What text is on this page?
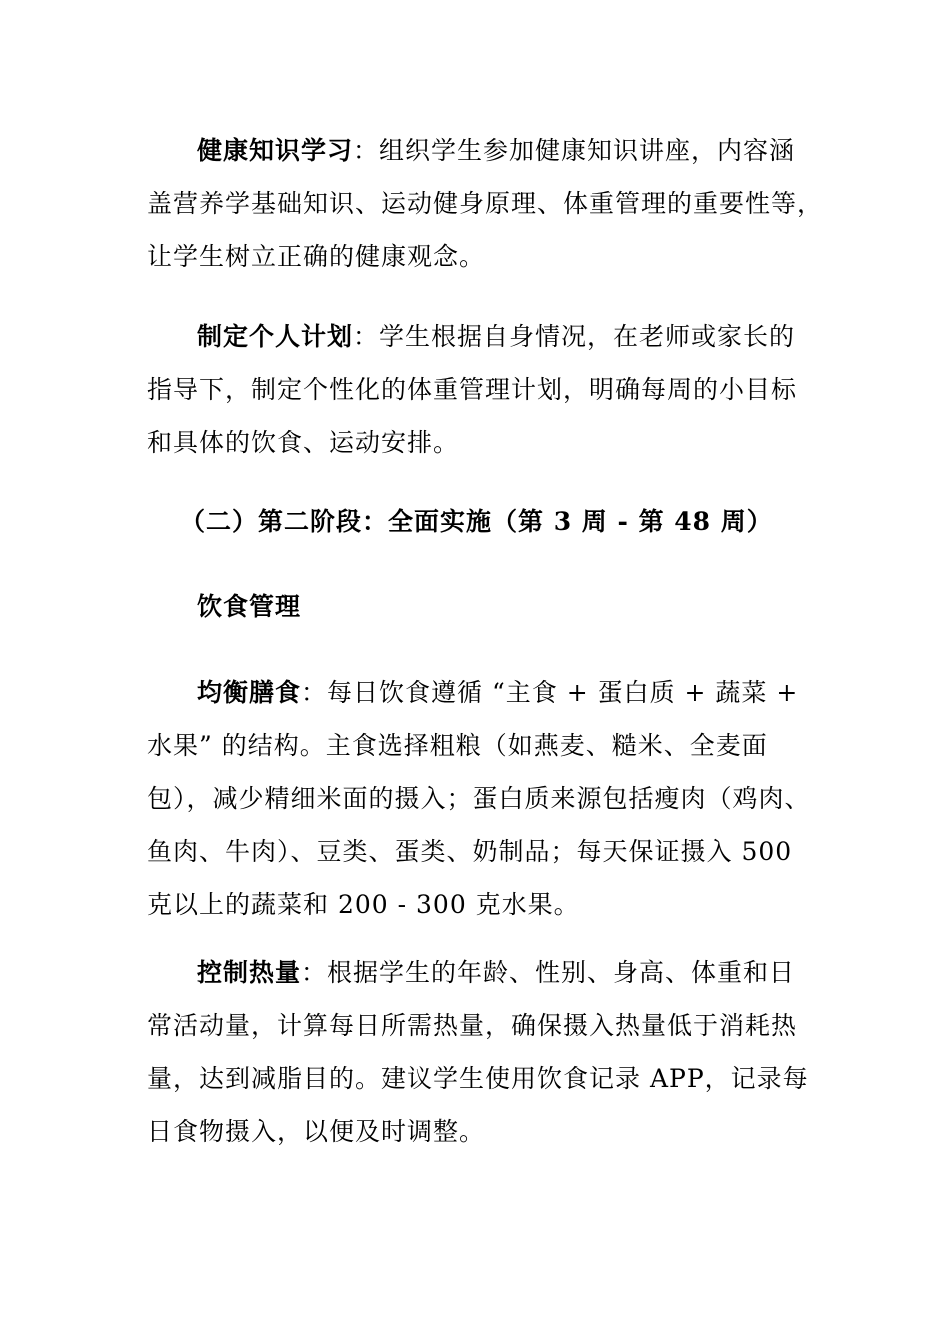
健康知识学习：组织学生参加健康知识讲座，内容涵
盖营养学基础知识、运动健身原理、体重管理的重要性等，
让学生树立正确的健康观念。
制定个人计划：学生根据自身情况，在老师或家长的
指导下，制定个性化的体重管理计划，明确每周的小目标
和具体的饮食、运动安排。
（二）第二阶段：全面实施（第 3 周 - 第 48 周）
饮食管理
均衡膳食：每日饮食遵循 “主食 + 蛋白质 + 蔬菜 +
水果” 的结构。主食选择粗粮（如燕麦、糙米、全麦面
包），减少精细米面的摄入；蛋白质来源包括瘦肉（鸡肉、
鱼肉、牛肉）、豆类、蛋类、奶制品；每天保证摄入 500
克以上的蔬菜和 200 - 300 克水果。
控制热量：根据学生的年龄、性别、身高、体重和日
常活动量，计算每日所需热量，确保摄入热量低于消耗热
量，达到减脂目的。建议学生使用饮食记录 APP，记录每
日食物摄入，以便及时调整。
